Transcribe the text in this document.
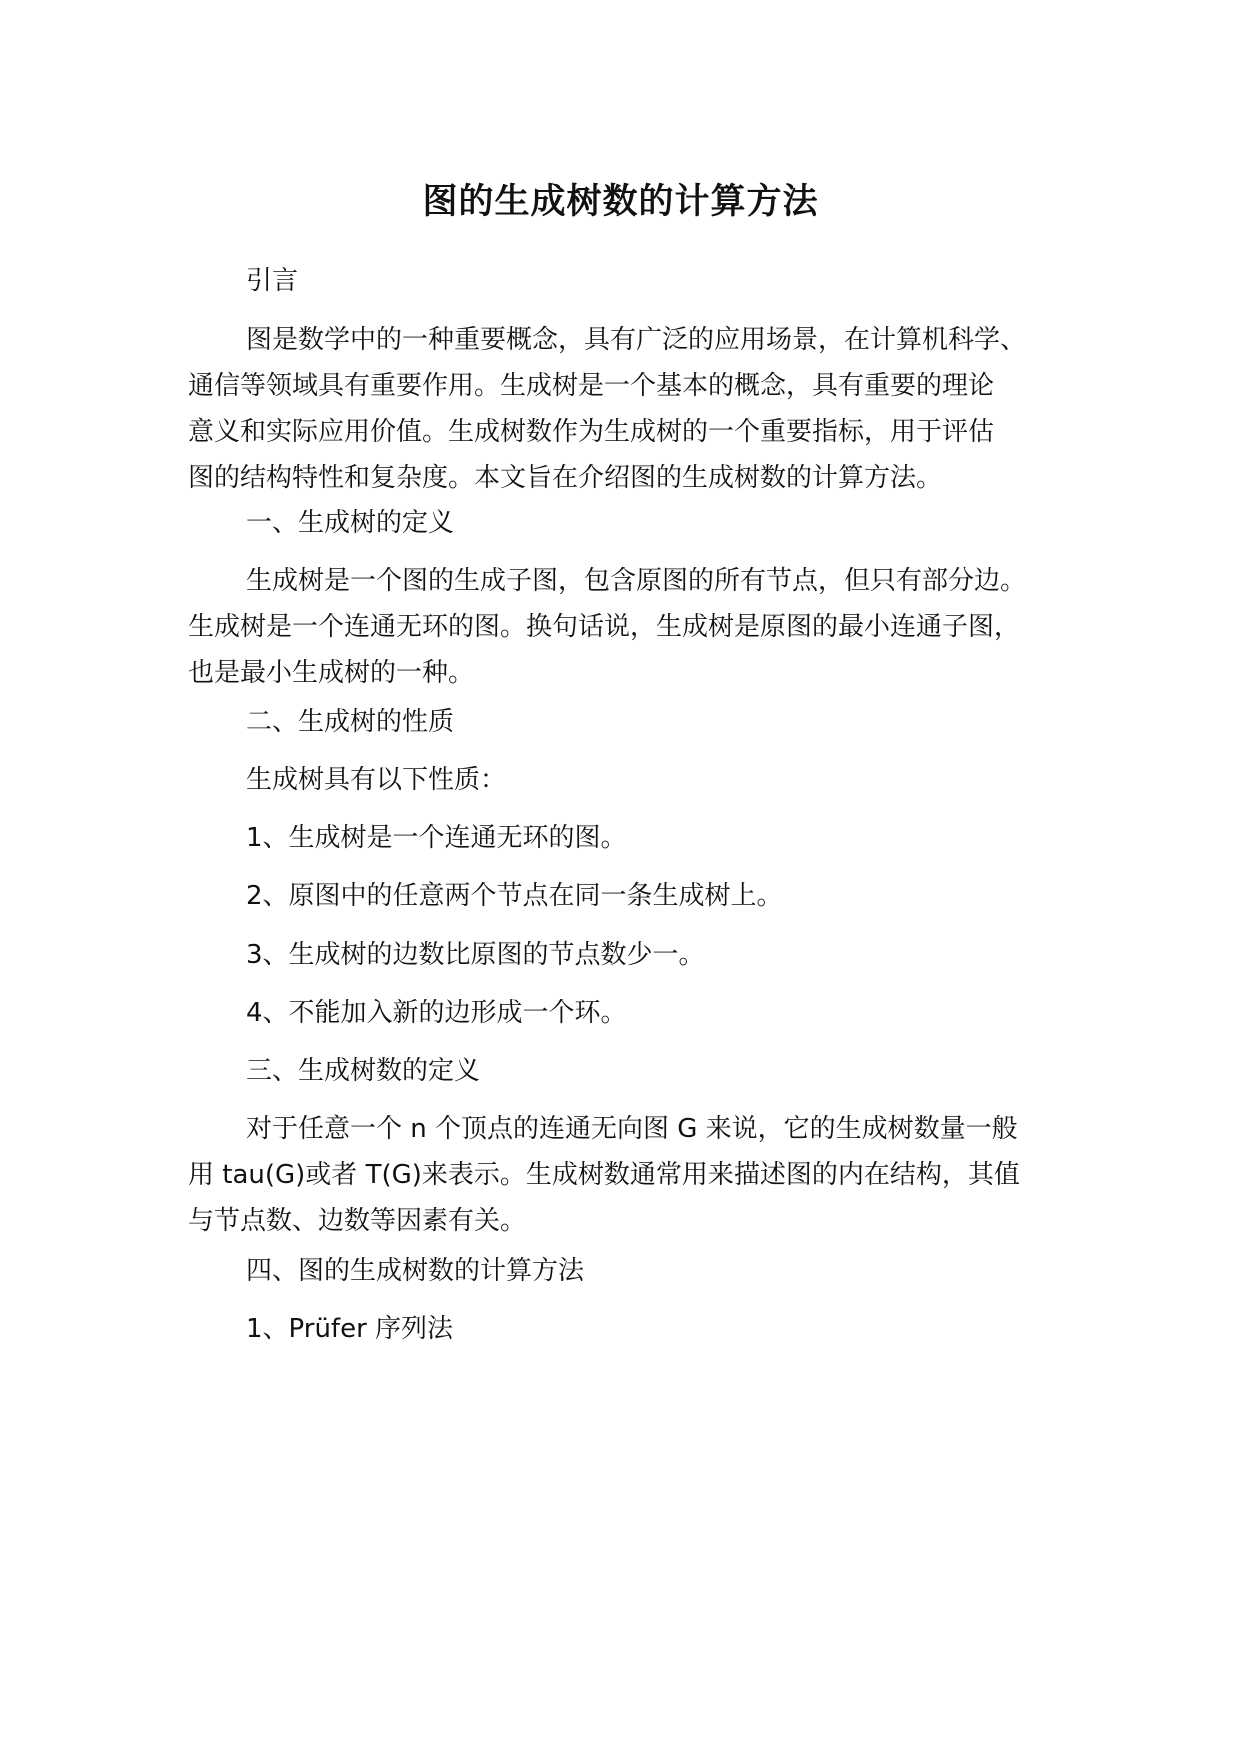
图的生成树数的计算方法

引言

图是数学中的一种重要概念，具有广泛的应用场景，在计算机科学、
通信等领域具有重要作用。生成树是一个基本的概念，具有重要的理论
意义和实际应用价值。生成树数作为生成树的一个重要指标，用于评估
图的结构特性和复杂度。本文旨在介绍图的生成树数的计算方法。

一、生成树的定义

生成树是一个图的生成子图，包含原图的所有节点，但只有部分边。
生成树是一个连通无环的图。换句话说，生成树是原图的最小连通子图，
也是最小生成树的一种。

二、生成树的性质

生成树具有以下性质：

1、生成树是一个连通无环的图。

2、原图中的任意两个节点在同一条生成树上。

3、生成树的边数比原图的节点数少一。

4、不能加入新的边形成一个环。

三、生成树数的定义

对于任意一个 n 个顶点的连通无向图 G 来说，它的生成树数量一般
用 tau(G)或者 T(G)来表示。生成树数通常用来描述图的内在结构，其值
与节点数、边数等因素有关。

四、图的生成树数的计算方法

1、Prüfer 序列法
